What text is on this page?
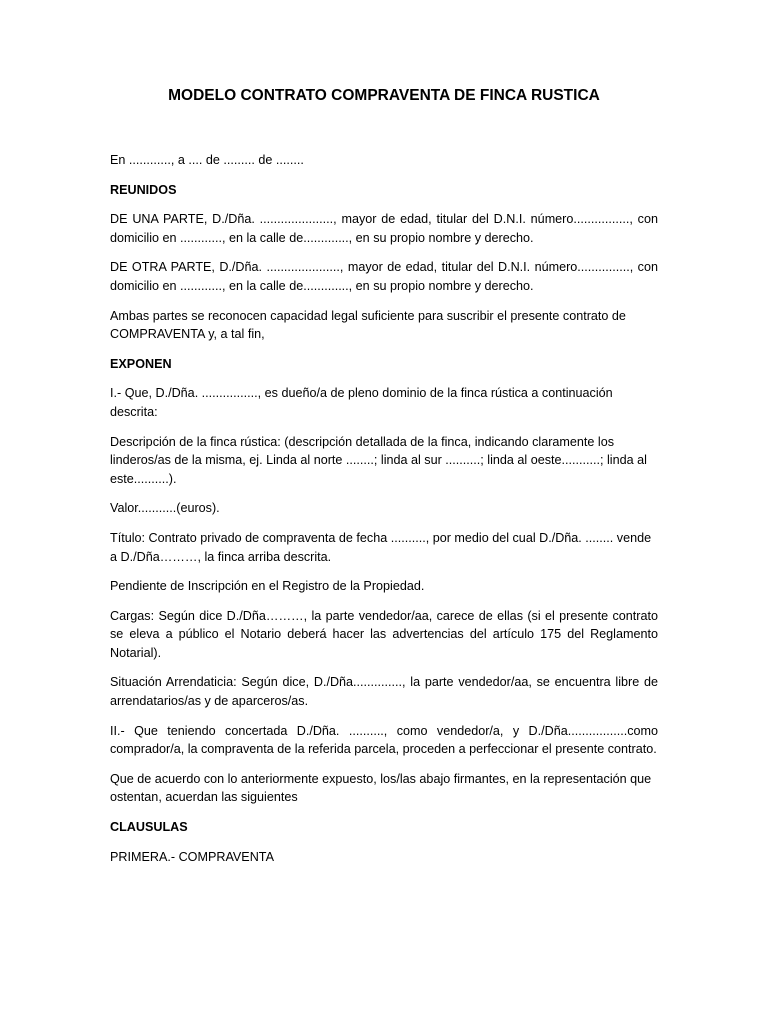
MODELO CONTRATO COMPRAVENTA DE FINCA RUSTICA

En ............, a .... de ......... de ........

REUNIDOS

DE UNA PARTE, D./Dña. ....................., mayor de edad, titular del D.N.I. número................, con domicilio en ............, en la calle de............., en su propio nombre y derecho.

DE OTRA PARTE, D./Dña. ....................., mayor de edad, titular del D.N.I. número..............., con domicilio en ............, en la calle de............., en su propio nombre y derecho.

Ambas partes se reconocen capacidad legal suficiente para suscribir el presente contrato de COMPRAVENTA y, a tal fin,

EXPONEN

I.- Que, D./Dña. ................, es dueño/a de pleno dominio de la finca rústica a continuación descrita:

Descripción de la finca rústica: (descripción detallada de la finca, indicando claramente los linderos/as de la misma, ej. Linda al norte ........; linda al sur ..........; linda al oeste...........; linda al este..........).

Valor...........(euros).

Título: Contrato privado de compraventa de fecha .........., por medio del cual D./Dña. ........ vende a D./Dña………, la finca arriba descrita.

Pendiente de Inscripción en el Registro de la Propiedad.

Cargas: Según dice D./Dña………, la parte vendedor/aa, carece de ellas (si el presente contrato se eleva a público el Notario deberá hacer las advertencias del artículo 175 del Reglamento Notarial).

Situación Arrendaticia: Según dice, D./Dña.............., la parte vendedor/aa, se encuentra libre de arrendatarios/as y de aparceros/as.

II.- Que teniendo concertada D./Dña. .........., como vendedor/a, y D./Dña.................como comprador/a, la compraventa de la referida parcela, proceden a perfeccionar el presente contrato.

Que de acuerdo con lo anteriormente expuesto, los/las abajo firmantes, en la representación que ostentan, acuerdan las siguientes

CLAUSULAS

PRIMERA.- COMPRAVENTA
